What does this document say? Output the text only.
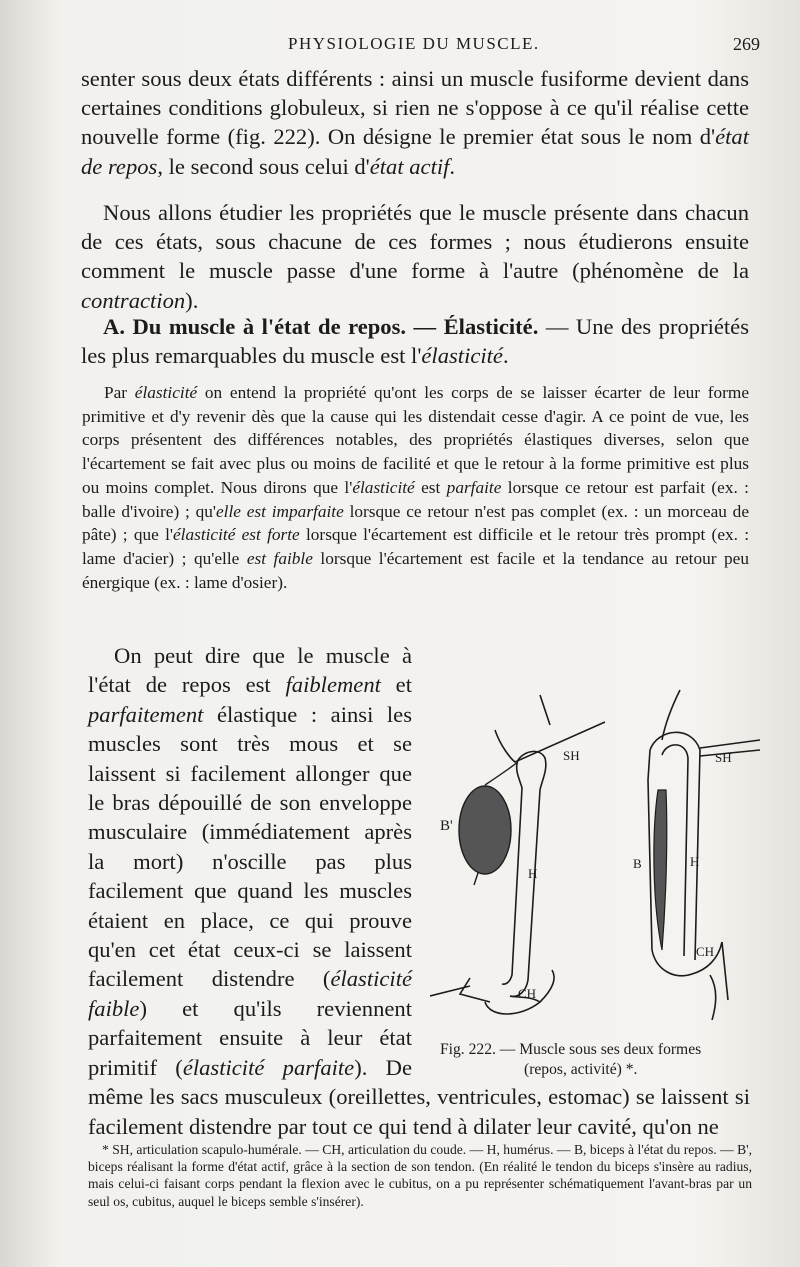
PHYSIOLOGIE DU MUSCLE.	269

senter sous deux états différents : ainsi un muscle fusiforme devient dans certaines conditions globuleux, si rien ne s'oppose à ce qu'il réalise cette nouvelle forme (fig. 222). On désigne le premier état sous le nom d'état de repos, le second sous celui d'état actif.

Nous allons étudier les propriétés que le muscle présente dans chacun de ces états, sous chacune de ces formes ; nous étudierons ensuite comment le muscle passe d'une forme à l'autre (phénomène de la contraction).

A. Du muscle à l'état de repos. — Élasticité. — Une des propriétés les plus remarquables du muscle est l'élasticité.

Par élasticité on entend la propriété qu'ont les corps de se laisser écarter de leur forme primitive et d'y revenir dès que la cause qui les distendait cesse d'agir. A ce point de vue, les corps présentent des différences notables, des propriétés élastiques diverses, selon que l'écartement se fait avec plus ou moins de facilité et que le retour à la forme primitive est plus ou moins complet. Nous dirons que l'élasticité est parfaite lorsque ce retour est parfait (ex. : balle d'ivoire) ; qu'elle est imparfaite lorsque ce retour n'est pas complet (ex. : un morceau de pâte) ; que l'élasticité est forte lorsque l'écartement est difficile et le retour très prompt (ex. : lame d'acier) ; qu'elle est faible lorsque l'écartement est facile et la tendance au retour peu énergique (ex. : lame d'osier).

On peut dire que le muscle à l'état de repos est faiblement et parfaitement élastique : ainsi les muscles sont très mous et se laissent si facilement allonger que le bras dépouillé de son enveloppe musculaire (immédiatement après la mort) n'oscille pas plus facilement que quand les muscles étaient en place, ce qui prouve qu'en cet état ceux-ci se laissent facilement distendre (élasticité faible) et qu'ils reviennent parfaitement ensuite à leur état primitif (élasticité parfaite). De même les sacs musculeux (oreillettes, ventricules, estomac) se laissent si facilement distendre par tout ce qui tend à dilater leur cavité, qu'on ne

SH
B'
H
CH
SH
B	H
CH
Fig. 222. — Muscle sous ses deux formes
(repos, activité) *.

* SH, articulation scapulo-humérale. — CH, articulation du coude. — H, humérus. — B, biceps à l'état du repos. — B', biceps réalisant la forme d'état actif, grâce à la section de son tendon. (En réalité le tendon du biceps s'insère au radius, mais celui-ci faisant corps pendant la flexion avec le cubitus, on a pu représenter schématiquement l'avant-bras par un seul os, cubitus, auquel le biceps semble s'insérer).
